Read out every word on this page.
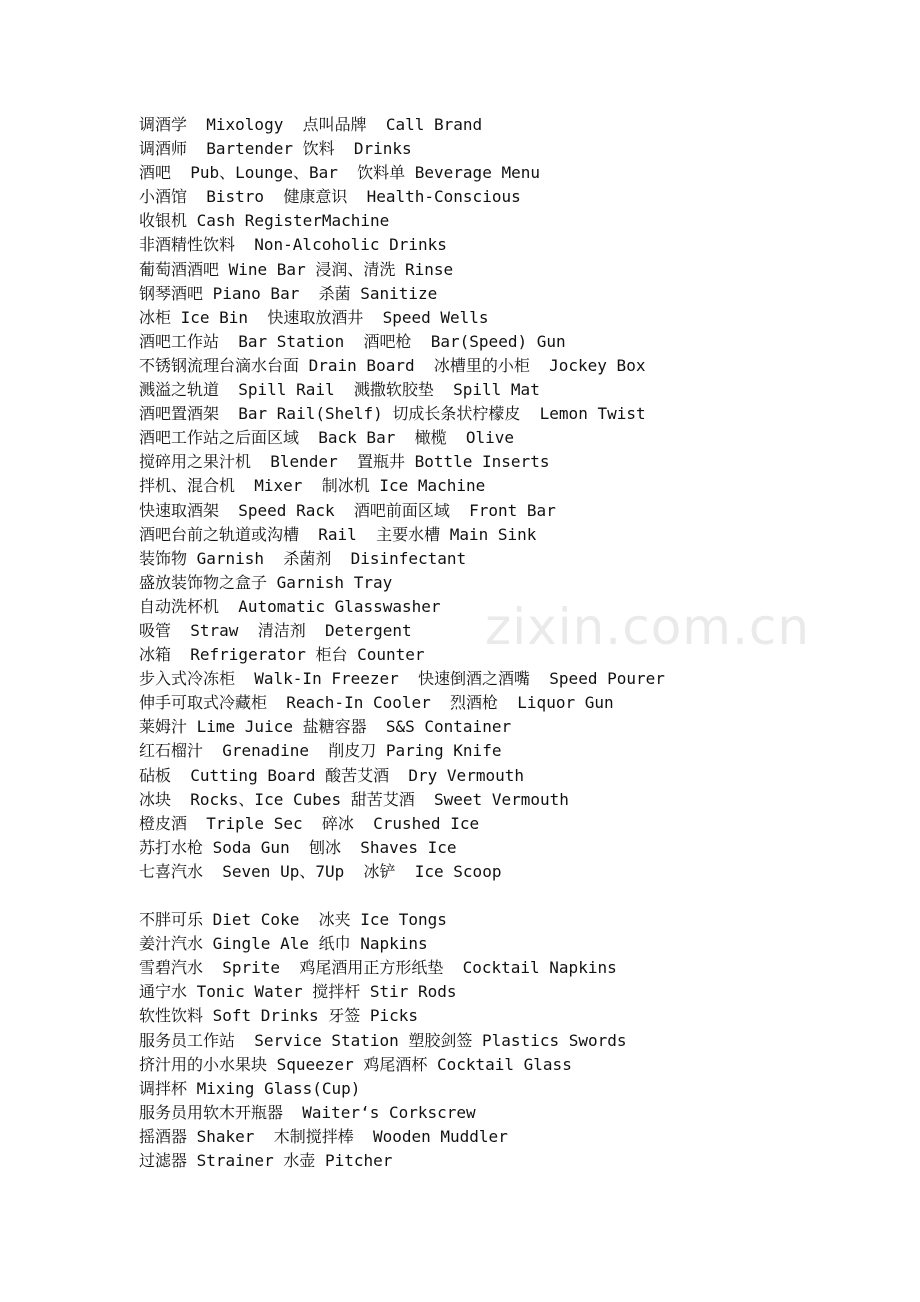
zixin.com.cn
调酒学  Mixology  点叫品牌  Call Brand
调酒师  Bartender 饮料  Drinks
酒吧  Pub、Lounge、Bar  饮料单 Beverage Menu
小酒馆  Bistro  健康意识  Health-Conscious
收银机 Cash RegisterMachine
非酒精性饮料  Non-Alcoholic Drinks
葡萄酒酒吧 Wine Bar 浸润、清洗 Rinse
钢琴酒吧 Piano Bar  杀菌 Sanitize
冰柜 Ice Bin  快速取放酒井  Speed Wells
酒吧工作站  Bar Station  酒吧枪  Bar(Speed) Gun
不锈钢流理台滴水台面 Drain Board  冰槽里的小柜  Jockey Box
溅溢之轨道  Spill Rail  溅撒软胶垫  Spill Mat
酒吧置酒架  Bar Rail(Shelf) 切成长条状柠檬皮  Lemon Twist
酒吧工作站之后面区域  Back Bar  橄榄  Olive
搅碎用之果汁机  Blender  置瓶井 Bottle Inserts
拌机、混合机  Mixer  制冰机 Ice Machine
快速取酒架  Speed Rack  酒吧前面区域  Front Bar
酒吧台前之轨道或沟槽  Rail  主要水槽 Main Sink
装饰物 Garnish  杀菌剂  Disinfectant
盛放装饰物之盒子 Garnish Tray
自动洗杯机  Automatic Glasswasher
吸管  Straw  清洁剂  Detergent
冰箱  Refrigerator 柜台 Counter
步入式冷冻柜  Walk-In Freezer  快速倒酒之酒嘴  Speed Pourer
伸手可取式冷藏柜  Reach-In Cooler  烈酒枪  Liquor Gun
莱姆汁 Lime Juice 盐糖容器  S&S Container
红石榴汁  Grenadine  削皮刀 Paring Knife
砧板  Cutting Board 酸苦艾酒  Dry Vermouth
冰块  Rocks、Ice Cubes 甜苦艾酒  Sweet Vermouth
橙皮酒  Triple Sec  碎冰  Crushed Ice
苏打水枪 Soda Gun  刨冰  Shaves Ice
七喜汽水  Seven Up、7Up  冰铲  Ice Scoop
不胖可乐 Diet Coke  冰夹 Ice Tongs
姜汁汽水 Gingle Ale 纸巾 Napkins
雪碧汽水  Sprite  鸡尾酒用正方形纸垫  Cocktail Napkins
通宁水 Tonic Water 搅拌杆 Stir Rods
软性饮料 Soft Drinks 牙签 Picks
服务员工作站  Service Station 塑胶剑签 Plastics Swords
挤汁用的小水果块 Squeezer 鸡尾酒杯 Cocktail Glass
调拌杯 Mixing Glass(Cup)
服务员用软木开瓶器  Waiter‘s Corkscrew
摇酒器 Shaker  木制搅拌棒  Wooden Muddler
过滤器 Strainer 水壶 Pitcher
